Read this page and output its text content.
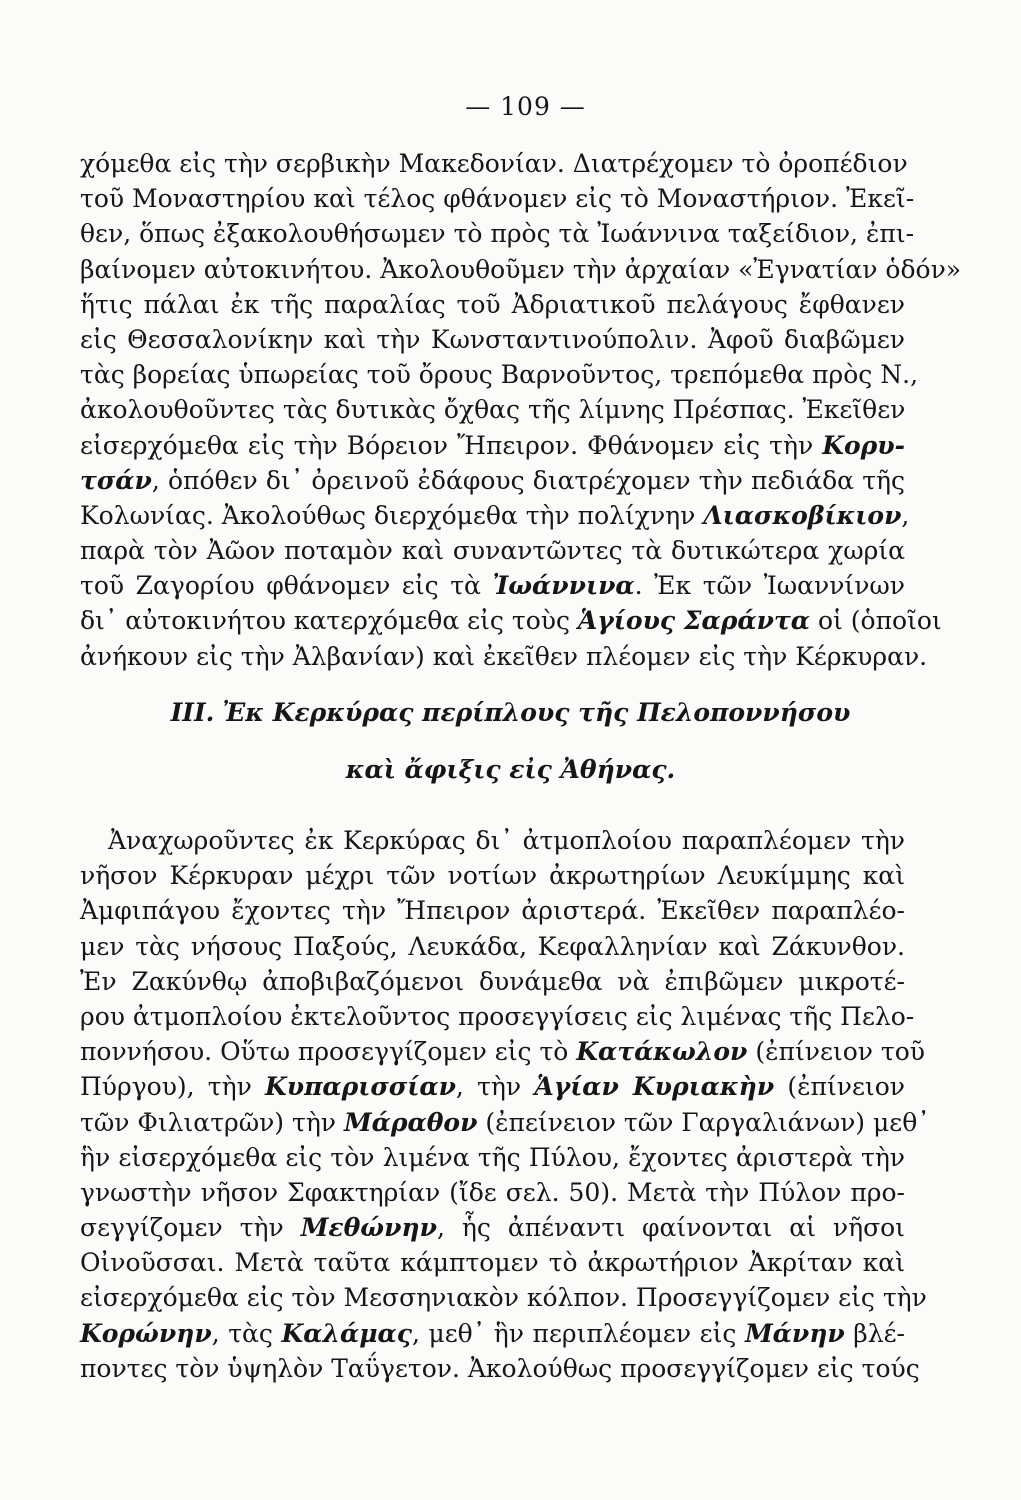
— 109 —
χόμεθα εἰς τὴν σερβικὴν Μακεδονίαν. Διατρέχομεν τὸ ὀροπέδιον
τοῦ Μοναστηρίου καὶ τέλος φθάνομεν εἰς τὸ Μοναστήριον. Ἐκεῖ-
θεν, ὅπως ἐξακολουθήσωμεν τὸ πρὸς τὰ Ἰωάννινα ταξείδιον, ἐπι-
βαίνομεν αὐτοκινήτου. Ἀκολουθοῦμεν τὴν ἀρχαίαν «Ἐγνατίαν ὁδόν»
ἥτις πάλαι ἐκ τῆς παραλίας τοῦ Ἀδριατικοῦ πελάγους ἔφθανεν
εἰς Θεσσαλονίκην καὶ τὴν Κωνσταντινούπολιν. Ἀφοῦ διαβῶμεν
τὰς βορείας ὑπωρείας τοῦ ὄρους Βαρνοῦντος, τρεπόμεθα πρὸς Ν.,
ἀκολουθοῦντες τὰς δυτικὰς ὄχθας τῆς λίμνης Πρέσπας. Ἐκεῖθεν
εἰσερχόμεθα εἰς τὴν Βόρειον Ἤπειρον. Φθάνομεν εἰς τὴν Κορυ-
τσάν, ὁπόθεν δι᾽ ὀρεινοῦ ἐδάφους διατρέχομεν τὴν πεδιάδα τῆς
Κολωνίας. Ἀκολούθως διερχόμεθα τὴν πολίχνην Λιασκοβίκιον,
παρὰ τὸν Ἀῶον ποταμὸν καὶ συναντῶντες τὰ δυτικώτερα χωρία
τοῦ Ζαγορίου φθάνομεν εἰς τὰ Ἰωάννινα. Ἐκ τῶν Ἰωαννίνων
δι᾽ αὐτοκινήτου κατερχόμεθα εἰς τοὺς Ἁγίους Σαράντα οἱ (ὁποῖοι
ἀνήκουν εἰς τὴν Ἀλβανίαν) καὶ ἐκεῖθεν πλέομεν εἰς τὴν Κέρκυραν.
III. Ἐκ Κερκύρας περίπλους τῆς Πελοποννήσου
καὶ ἄφιξις εἰς Ἀθήνας.
Ἀναχωροῦντες ἐκ Κερκύρας δι᾽ ἀτμοπλοίου παραπλέομεν τὴν
νῆσον Κέρκυραν μέχρι τῶν νοτίων ἀκρωτηρίων Λευκίμμης καὶ
Ἀμφιπάγου ἔχοντες τὴν Ἤπειρον ἀριστερά. Ἐκεῖθεν παραπλέο-
μεν τὰς νήσους Παξούς, Λευκάδα, Κεφαλληνίαν καὶ Ζάκυνθον.
Ἐν Ζακύνθῳ ἀποβιβαζόμενοι δυνάμεθα νὰ ἐπιβῶμεν μικροτέ-
ρου ἀτμοπλοίου ἐκτελοῦντος προσεγγίσεις εἰς λιμένας τῆς Πελο-
ποννήσου. Οὕτω προσεγγίζομεν εἰς τὸ Κατάκωλον (ἐπίνειον τοῦ
Πύργου), τὴν Κυπαρισσίαν, τὴν Ἁγίαν Κυριακὴν (ἐπίνειον
τῶν Φιλιατρῶν) τὴν Μάραθον (ἐπείνειον τῶν Γαργαλιάνων) μεθ᾽
ἣν εἰσερχόμεθα εἰς τὸν λιμένα τῆς Πύλου, ἔχοντες ἀριστερὰ τὴν
γνωστὴν νῆσον Σφακτηρίαν (ἴδε σελ. 50). Μετὰ τὴν Πύλον προ-
σεγγίζομεν τὴν Μεθώνην, ἧς ἀπέναντι φαίνονται αἱ νῆσοι
Οἰνοῦσσαι. Μετὰ ταῦτα κάμπτομεν τὸ ἀκρωτήριον Ἀκρίταν καὶ
εἰσερχόμεθα εἰς τὸν Μεσσηνιακὸν κόλπον. Προσεγγίζομεν εἰς τὴν
Κορώνην, τὰς Καλάμας, μεθ᾽ ἣν περιπλέομεν εἰς Μάνην βλέ-
ποντες τὸν ὑψηλὸν Ταΰγετον. Ἀκολούθως προσεγγίζομεν εἰς τούς
